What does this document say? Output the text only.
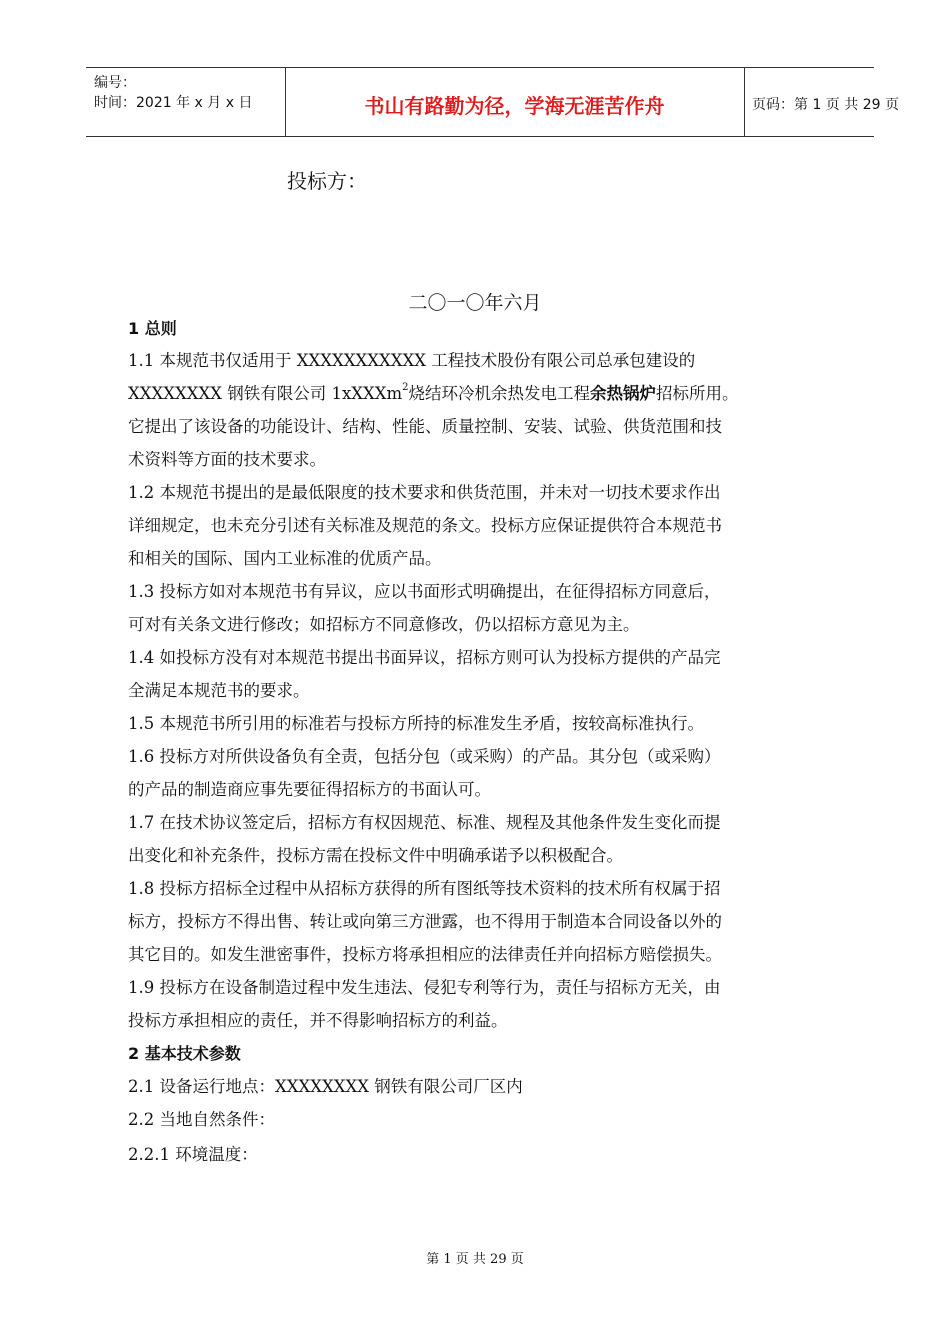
编号：
时间：2021 年 x 月 x 日	书山有路勤为径，学海无涯苦作舟	页码：第 1 页 共 29 页
投标方：
二〇一〇年六月
1 总则
1.1 本规范书仅适用于 XXXXXXXXXXX 工程技术股份有限公司总承包建设的
XXXXXXXX 钢铁有限公司 1xXXXm$^2$烧结环冷机余热发电工程余热锅炉招标所用。
它提出了该设备的功能设计、结构、性能、质量控制、安装、试验、供货范围和技
术资料等方面的技术要求。
1.2 本规范书提出的是最低限度的技术要求和供货范围，并未对一切技术要求作出
详细规定，也未充分引述有关标准及规范的条文。投标方应保证提供符合本规范书
和相关的国际、国内工业标准的优质产品。
1.3 投标方如对本规范书有异议，应以书面形式明确提出，在征得招标方同意后，
可对有关条文进行修改；如招标方不同意修改，仍以招标方意见为主。
1.4 如投标方没有对本规范书提出书面异议，招标方则可认为投标方提供的产品完
全满足本规范书的要求。
1.5 本规范书所引用的标准若与投标方所持的标准发生矛盾，按较高标准执行。
1.6 投标方对所供设备负有全责，包括分包（或采购）的产品。其分包（或采购）
的产品的制造商应事先要征得招标方的书面认可。
1.7 在技术协议签定后，招标方有权因规范、标准、规程及其他条件发生变化而提
出变化和补充条件，投标方需在投标文件中明确承诺予以积极配合。
1.8 投标方招标全过程中从招标方获得的所有图纸等技术资料的技术所有权属于招
标方，投标方不得出售、转让或向第三方泄露，也不得用于制造本合同设备以外的
其它目的。如发生泄密事件，投标方将承担相应的法律责任并向招标方赔偿损失。
1.9 投标方在设备制造过程中发生违法、侵犯专利等行为，责任与招标方无关，由
投标方承担相应的责任，并不得影响招标方的利益。
2 基本技术参数
2.1 设备运行地点：XXXXXXXX 钢铁有限公司厂区内
2.2 当地自然条件：
2.2.1 环境温度：
第 1 页 共 29 页
